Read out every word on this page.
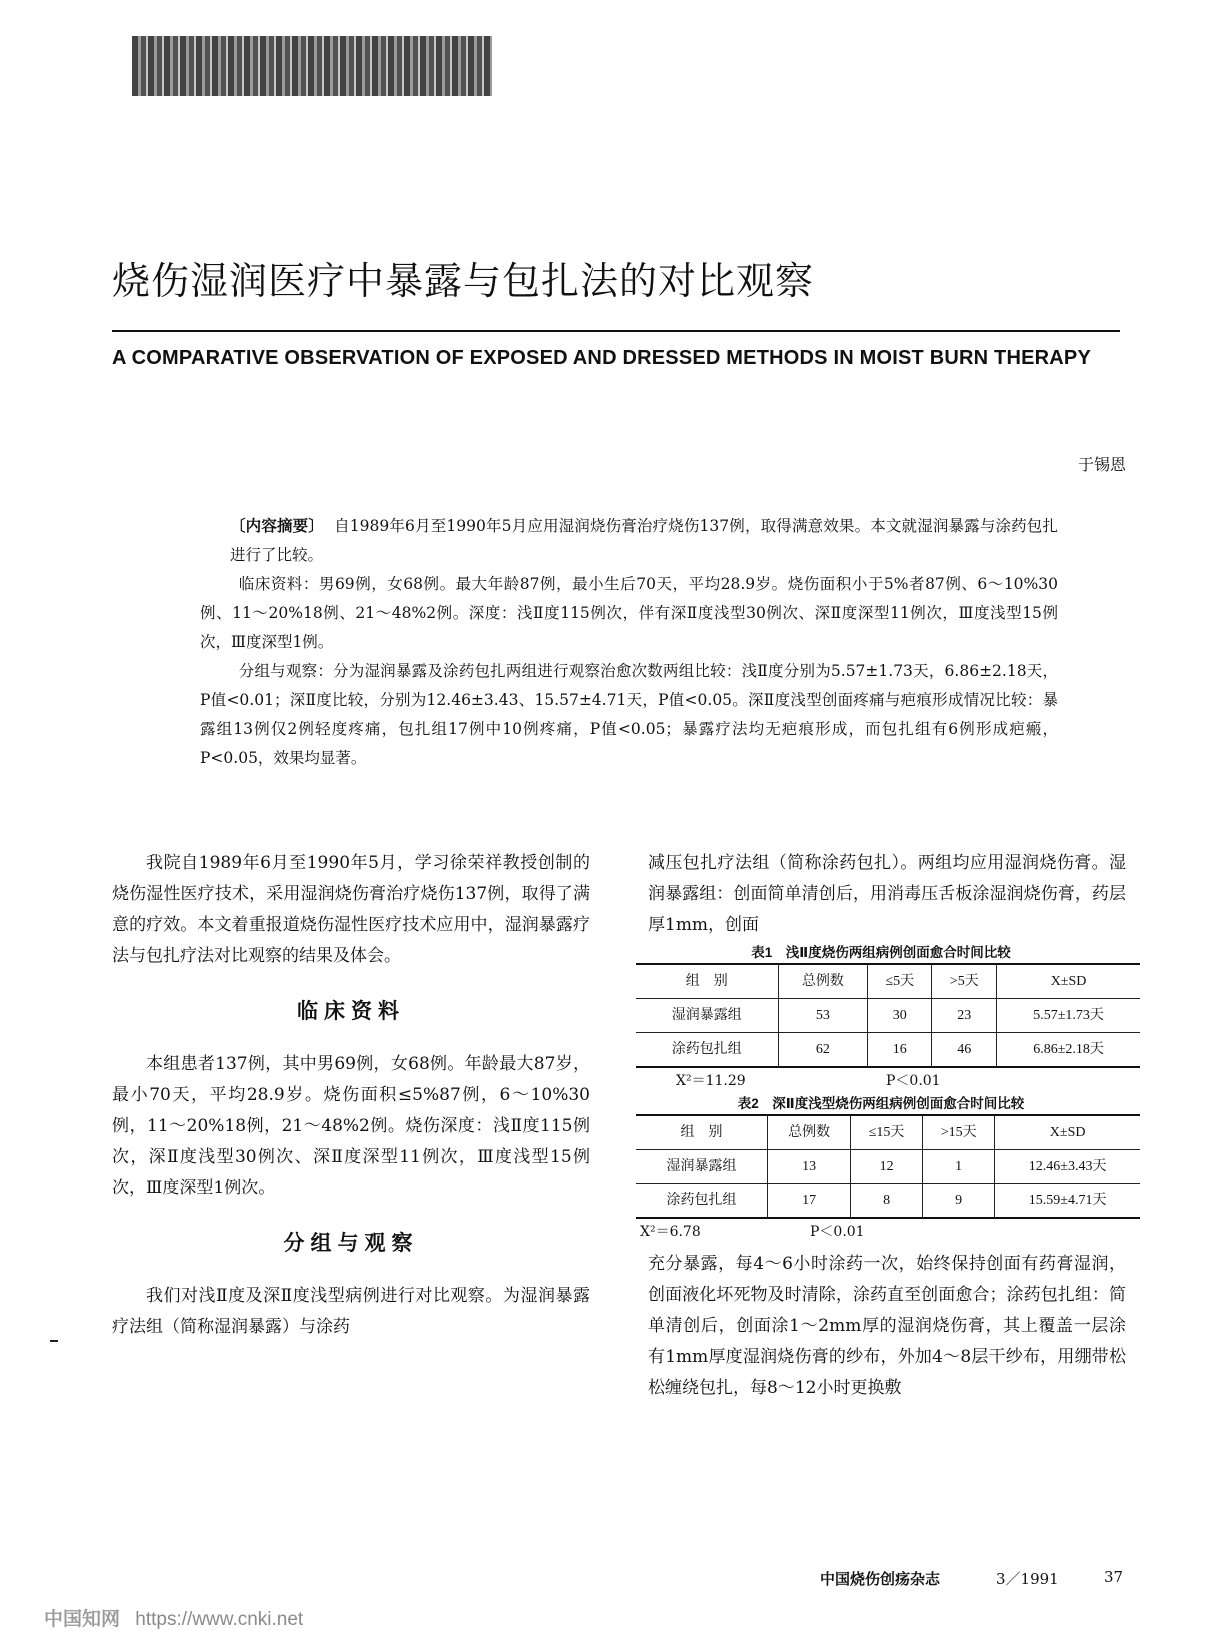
烧伤湿润医疗中暴露与包扎法的对比观察
A COMPARATIVE OBSERVATION OF EXPOSED AND DRESSED METHODS IN MOIST BURN THERAPY
于锡恩

〔内容摘要〕 自1989年6月至1990年5月应用湿润烧伤膏治疗烧伤137例，取得满意效果。本文就湿润暴露与涂药包扎进行了比较。

临床资料：男69例，女68例。最大年龄87例，最小生后70天，平均28.9岁。烧伤面积小于5%者87例、6～10%30例、11～20%18例、21～48%2例。深度：浅Ⅱ度115例次，伴有深Ⅱ度浅型30例次、深Ⅱ度深型11例次，Ⅲ度浅型15例次，Ⅲ度深型1例。

分组与观察：分为湿润暴露及涂药包扎两组进行观察治愈次数两组比较：浅Ⅱ度分别为5.57±1.73天，6.86±2.18天，P值<0.01；深Ⅱ度比较，分别为12.46±3.43、15.57±4.71天，P值<0.05。深Ⅱ度浅型创面疼痛与疤痕形成情况比较：暴露组13例仅2例轻度疼痛，包扎组17例中10例疼痛，P值<0.05；暴露疗法均无疤痕形成，而包扎组有6例形成疤瘢，P<0.05，效果均显著。

我院自1989年6月至1990年5月，学习徐荣祥教授创制的烧伤湿性医疗技术，采用湿润烧伤膏治疗烧伤137例，取得了满意的疗效。本文着重报道烧伤湿性医疗技术应用中，湿润暴露疗法与包扎疗法对比观察的结果及体会。

临床资料

本组患者137例，其中男69例，女68例。年龄最大87岁，最小70天，平均28.9岁。烧伤面积≤5%87例，6～10%30例，11～20%18例，21～48%2例。烧伤深度：浅Ⅱ度115例次，深Ⅱ度浅型30例次、深Ⅱ度深型11例次，Ⅲ度浅型15例次，Ⅲ度深型1例次。

分组与观察

我们对浅Ⅱ度及深Ⅱ度浅型病例进行对比观察。为湿润暴露疗法组（简称湿润暴露）与涂药

减压包扎疗法组（简称涂药包扎）。两组均应用湿润烧伤膏。湿润暴露组：创面简单清创后，用消毒压舌板涂湿润烧伤膏，药层厚1mm，创面

表1　浅Ⅱ度烧伤两组病例创面愈合时间比较
组　别	总例数	≤5天	>5天	X±SD
湿润暴露组	53	30	23	5.57±1.73天
涂药包扎组	62	16	46	6.86±2.18天
X²＝11.29	P＜0.01
表2　深Ⅱ度浅型烧伤两组病例创面愈合时间比较
组　别	总例数	≤15天	>15天	X±SD
湿润暴露组	13	12	1	12.46±3.43天
涂药包扎组	17	8	9	15.59±4.71天
X²＝6.78	P＜0.01

充分暴露，每4～6小时涂药一次，始终保持创面有药膏湿润，创面液化坏死物及时清除，涂药直至创面愈合；涂药包扎组：简单清创后，创面涂1～2mm厚的湿润烧伤膏，其上覆盖一层涂有1mm厚度湿润烧伤膏的纱布，外加4～8层干纱布，用绷带松松缠绕包扎，每8～12小时更换敷

中国烧伤创疡杂志	3／1991	37
中国知网 https://www.cnki.net
